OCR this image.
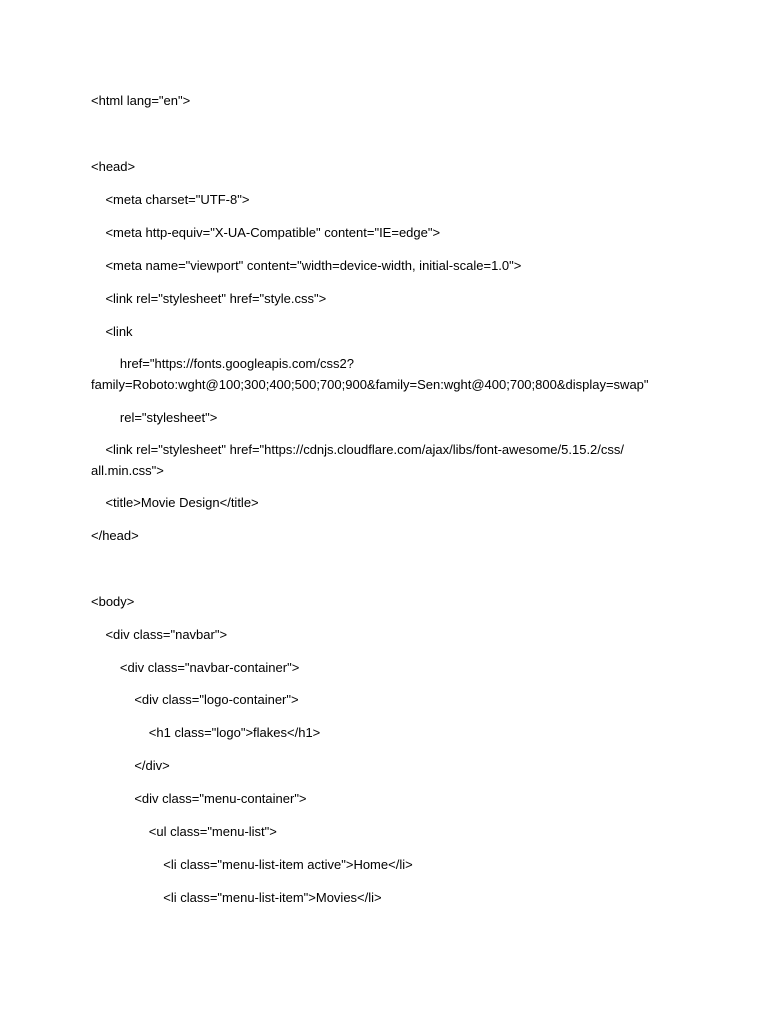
<html lang="en">
<head>
<meta charset="UTF-8">
<meta http-equiv="X-UA-Compatible" content="IE=edge">
<meta name="viewport" content="width=device-width, initial-scale=1.0">
<link rel="stylesheet" href="style.css">
<link
href="https://fonts.googleapis.com/css2?
family=Roboto:wght@100;300;400;500;700;900&family=Sen:wght@400;700;800&display=swap"
rel="stylesheet">
<link rel="stylesheet" href="https://cdnjs.cloudflare.com/ajax/libs/font-awesome/5.15.2/css/
all.min.css">
<title>Movie Design</title>
</head>
<body>
<div class="navbar">
<div class="navbar-container">
<div class="logo-container">
<h1 class="logo">flakes</h1>
</div>
<div class="menu-container">
<ul class="menu-list">
<li class="menu-list-item active">Home</li>
<li class="menu-list-item">Movies</li>
